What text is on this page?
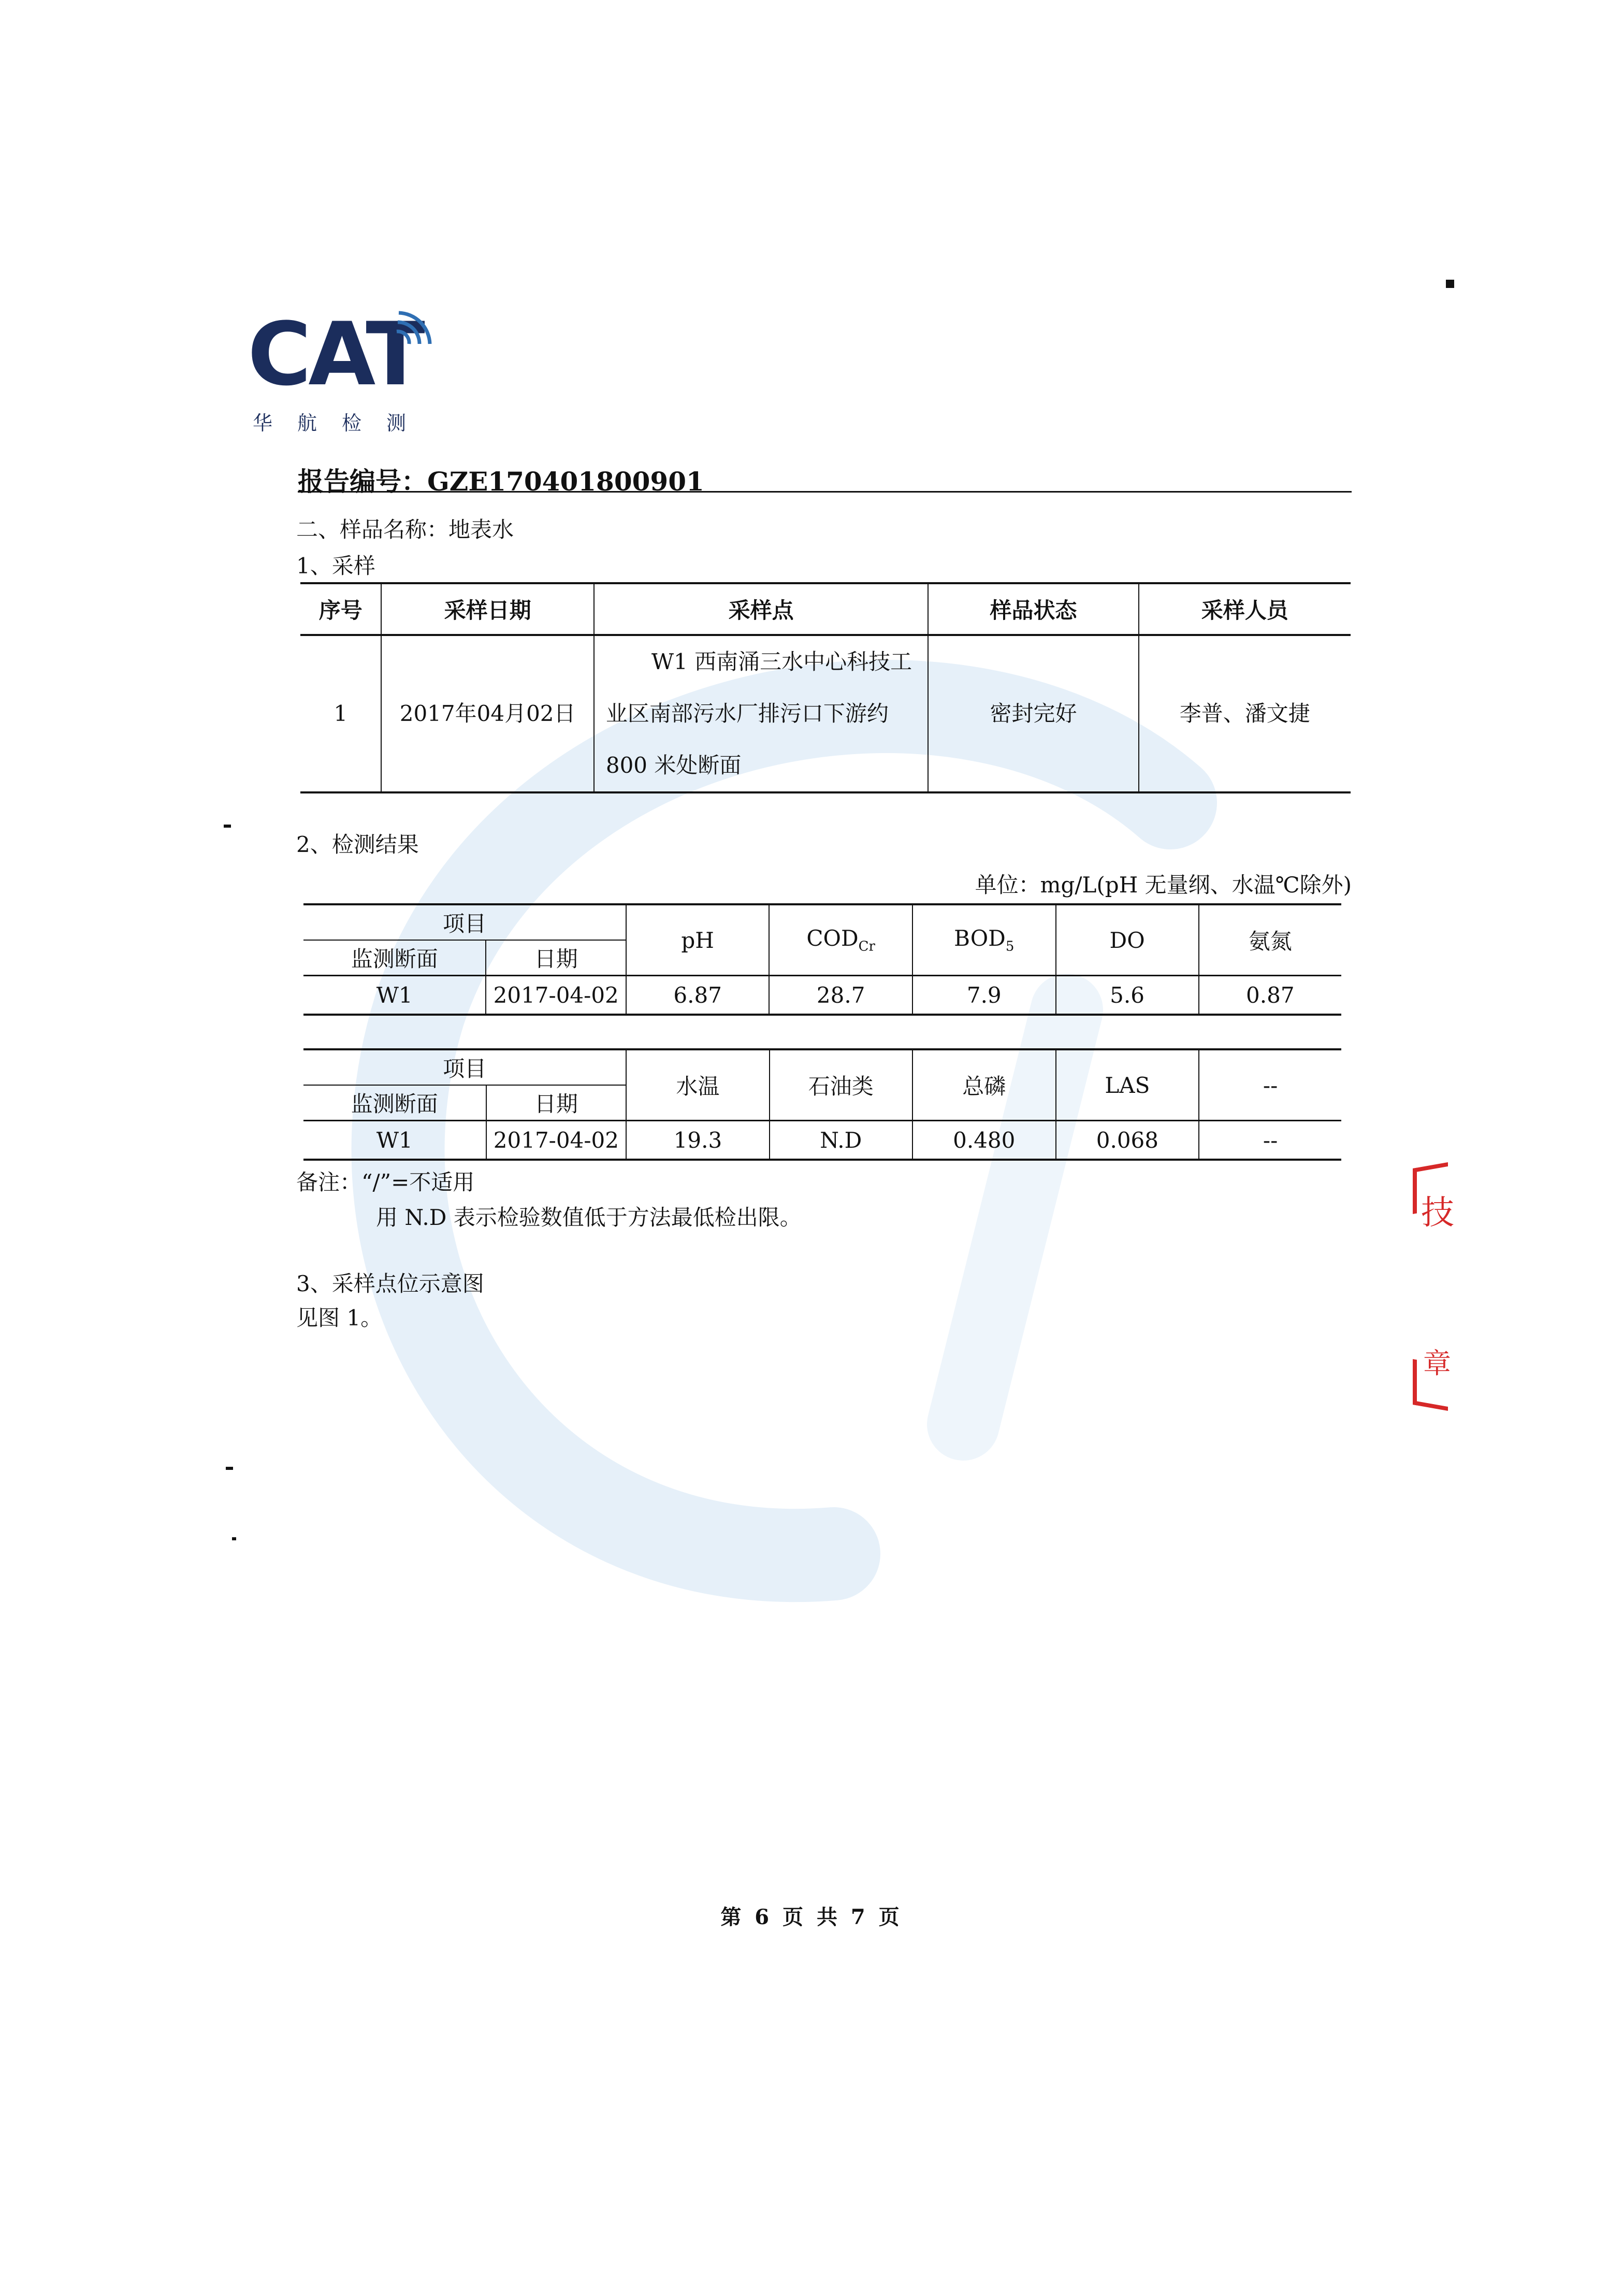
CAT
华航检测
报告编号：GZE170401800901
二、样品名称：地表水
1、采样
序号	采样日期	采样点	样品状态	采样人员
1	2017年04月02日	W1 西南涌三水中心科技工
业区南部污水厂排污口下游约
800 米处断面	密封完好	李普、潘文捷
2、检测结果
单位：mg/L(pH 无量纲、水温℃除外)
项目		pH	$COD_{Cr}$	$BOD_5$	DO	氨氮
监测断面	日期					
W1	2017-04-02	6.87	28.7	7.9	5.6	0.87
项目		水温	石油类	总磷	LAS	--
监测断面	日期					
W1	2017-04-02	19.3	N.D	0.480	0.068	--
备注：“/”=不适用
用 N.D 表示检验数值低于方法最低检出限。
3、采样点位示意图
见图 1。
技
章
第 6 页 共 7 页
